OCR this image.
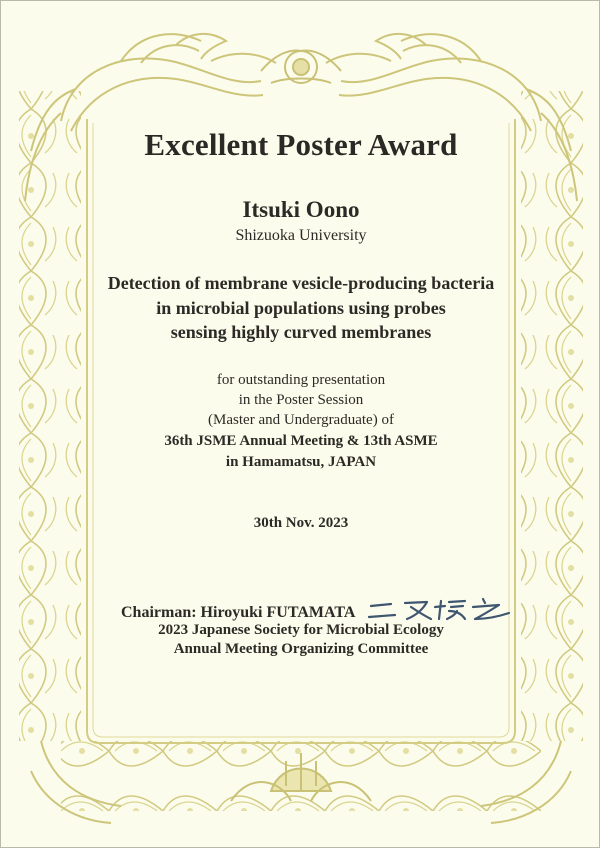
Excellent Poster Award
Itsuki Oono
Shizuoka University
Detection of membrane vesicle-producing bacteria
in microbial populations using probes
sensing highly curved membranes
for outstanding presentation
in the Poster Session
(Master and Undergraduate) of
36th JSME Annual Meeting & 13th ASME
in Hamamatsu, JAPAN
30th Nov. 2023
Chairman: Hiroyuki FUTAMATA
2023 Japanese Society for Microbial Ecology
Annual Meeting Organizing Committee
